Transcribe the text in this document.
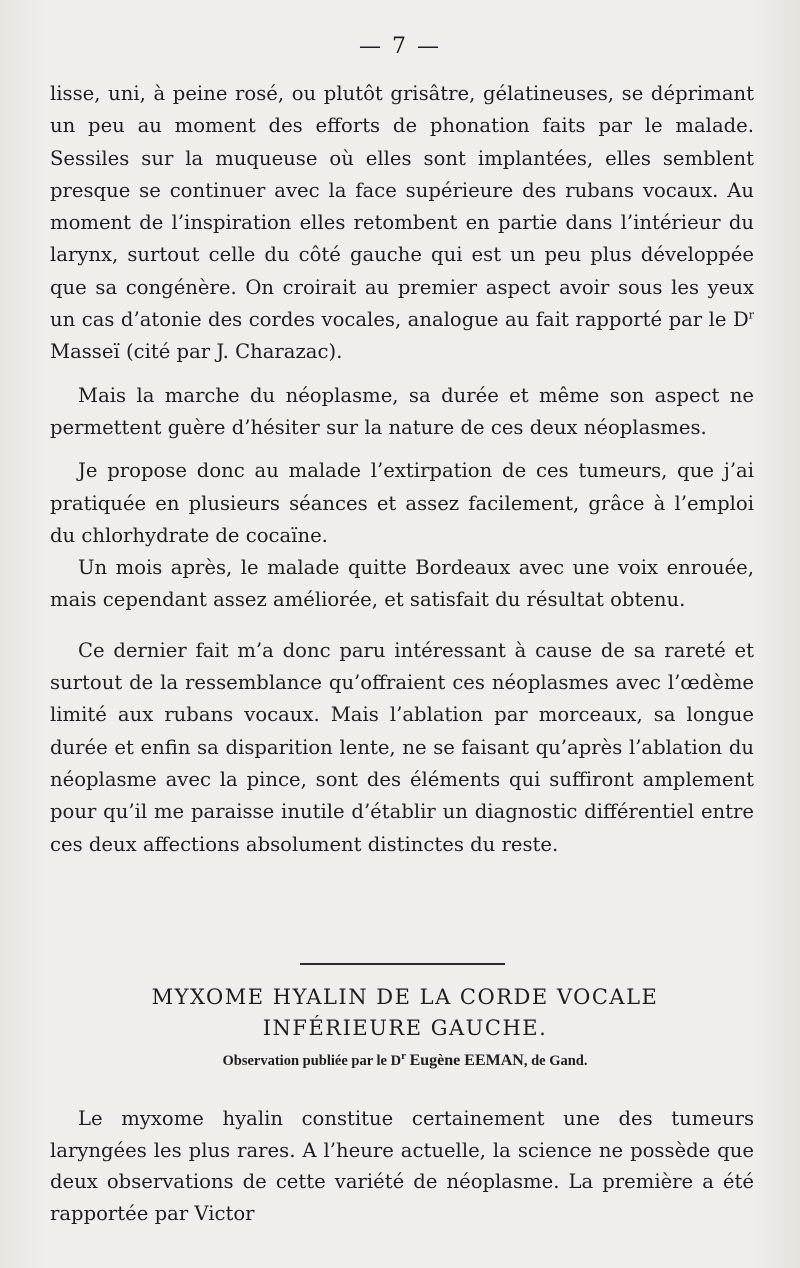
— 7 —

lisse, uni, à peine rosé, ou plutôt grisâtre, gélatineuses, se déprimant un peu au moment des efforts de phonation faits par le malade. Sessiles sur la muqueuse où elles sont implantées, elles semblent presque se continuer avec la face supérieure des rubans vocaux. Au moment de l’inspiration elles retombent en partie dans l’intérieur du larynx, surtout celle du côté gauche qui est un peu plus développée que sa congénère. On croirait au premier aspect avoir sous les yeux un cas d’atonie des cordes vocales, analogue au fait rapporté par le $D^r$ Masseï (cité par J. Charazac).

Mais la marche du néoplasme, sa durée et même son aspect ne permettent guère d’hésiter sur la nature de ces deux néoplasmes.

Je propose donc au malade l’extirpation de ces tumeurs, que j’ai pratiquée en plusieurs séances et assez facilement, grâce à l’emploi du chlorhydrate de cocaïne.

Un mois après, le malade quitte Bordeaux avec une voix enrouée, mais cependant assez améliorée, et satisfait du résultat obtenu.

Ce dernier fait m’a donc paru intéressant à cause de sa rareté et surtout de la ressemblance qu’offraient ces néoplasmes avec l’œdème limité aux rubans vocaux. Mais l’ablation par morceaux, sa longue durée et enfin sa disparition lente, ne se faisant qu’après l’ablation du néoplasme avec la pince, sont des éléments qui suffiront amplement pour qu’il me paraisse inutile d’établir un diagnostic différentiel entre ces deux affections absolument distinctes du reste.

MYXOME HYALIN DE LA CORDE VOCALE
INFÉRIEURE GAUCHE.
Observation publiée par le $D^r$ Eugène EEMAN, de Gand.

Le myxome hyalin constitue certainement une des tumeurs laryngées les plus rares. A l’heure actuelle, la science ne possède que deux observations de cette variété de néoplasme. La première a été rapportée par Victor
